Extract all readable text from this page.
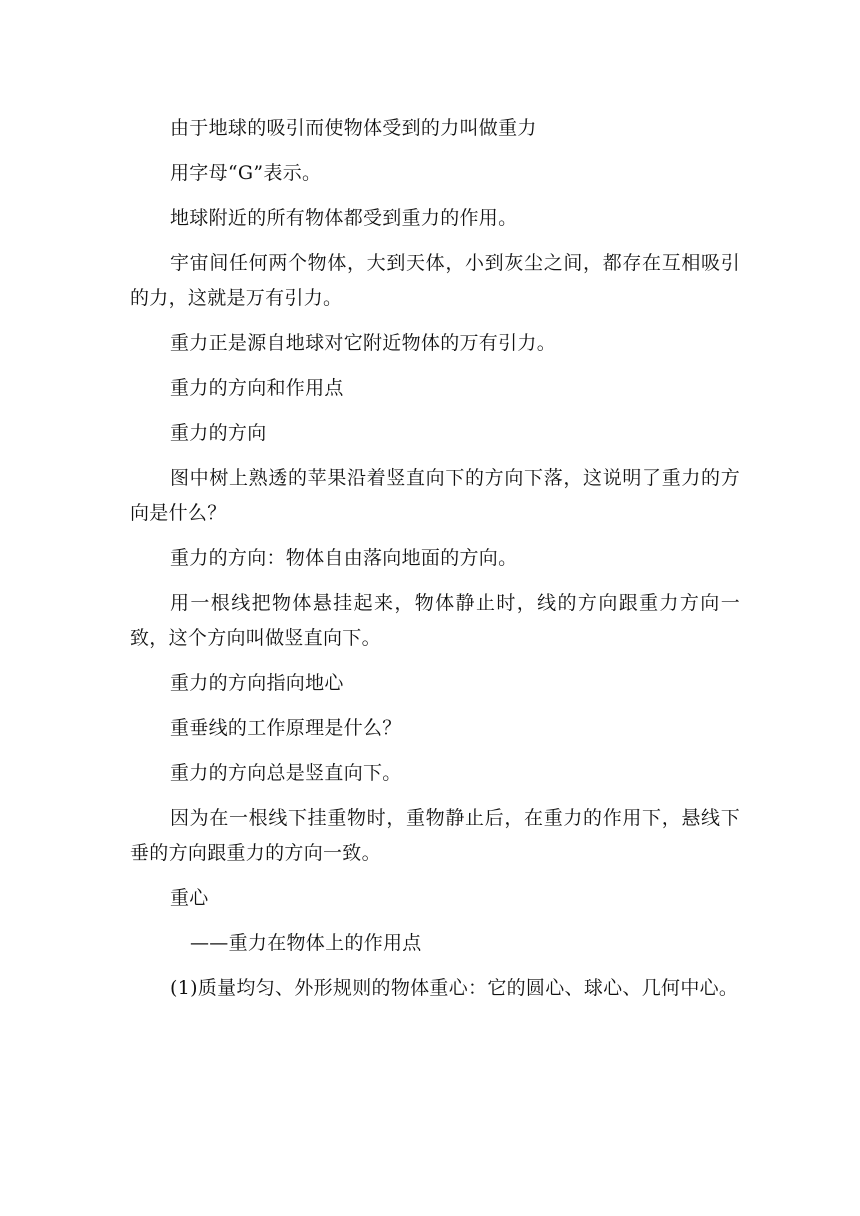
由于地球的吸引而使物体受到的力叫做重力

用字母“G”表示。

地球附近的所有物体都受到重力的作用。

宇宙间任何两个物体，大到天体，小到灰尘之间，都存在互相吸引的力，这就是万有引力。

重力正是源自地球对它附近物体的万有引力。

重力的方向和作用点

重力的方向

图中树上熟透的苹果沿着竖直向下的方向下落，这说明了重力的方向是什么？

重力的方向：物体自由落向地面的方向。

用一根线把物体悬挂起来，物体静止时，线的方向跟重力方向一致，这个方向叫做竖直向下。

重力的方向指向地心

重垂线的工作原理是什么？

重力的方向总是竖直向下。

因为在一根线下挂重物时，重物静止后，在重力的作用下，悬线下垂的方向跟重力的方向一致。

重心

——重力在物体上的作用点

(1)质量均匀、外形规则的物体重心：它的圆心、球心、几何中心。
